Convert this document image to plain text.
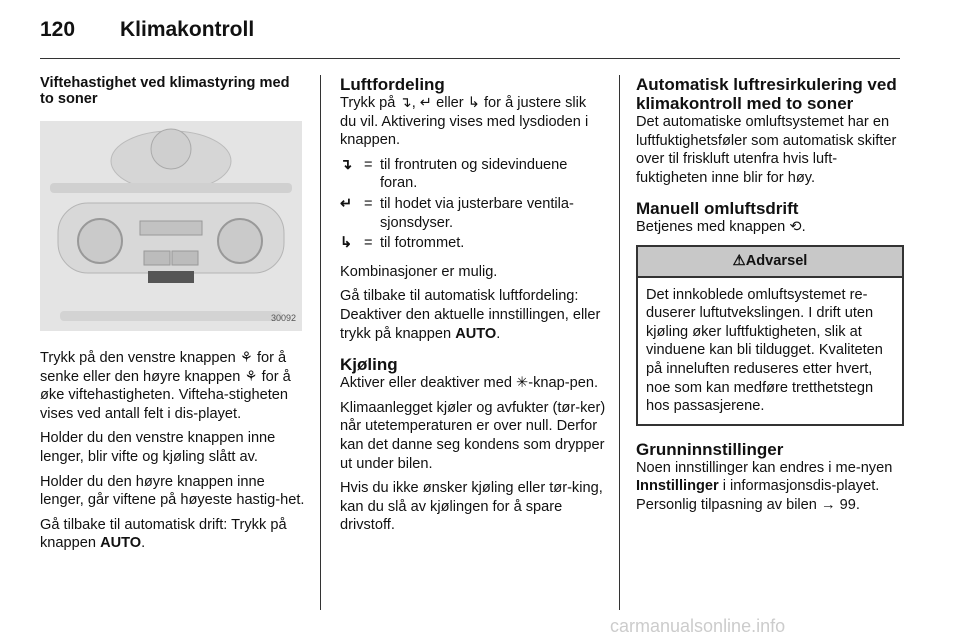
120 Klimakontroll
Viftehastighet ved klimastyring med to soner
30092

Trykk på den venstre knappen ⚘ for å senke eller den høyre knappen ⚘ for å øke viftehastigheten. Vifteha-stigheten vises ved antall felt i dis-playet.

Holder du den venstre knappen inne lenger, blir vifte og kjøling slått av.

Holder du den høyre knappen inne lenger, går viftene på høyeste hastig-het.

Gå tilbake til automatisk drift: Trykk på knappen AUTO.

Luftfordeling

Trykk på ↴, ↵ eller ↳ for å justere slik du vil. Aktivering vises med lysdioden i knappen.

↴ = til frontruten og sidevinduene foran.
↵ = til hodet via justerbare ventila-sjonsdyser.
↳ = til fotrommet.

Kombinasjoner er mulig.

Gå tilbake til automatisk luftfordeling: Deaktiver den aktuelle innstillingen, eller trykk på knappen AUTO.

Kjøling

Aktiver eller deaktiver med ✳-knap-pen.

Klimaanlegget kjøler og avfukter (tør-ker) når utetemperaturen er over null. Derfor kan det danne seg kondens som drypper ut under bilen.

Hvis du ikke ønsker kjøling eller tør-king, kan du slå av kjølingen for å spare drivstoff.

Automatisk luftresirkulering ved klimakontroll med to soner

Det automatiske omluftsystemet har en luftfuktighetsføler som automatisk skifter over til friskluft utenfra hvis luft-fuktigheten inne blir for høy.

Manuell omluftsdrift

Betjenes med knappen ⟲.

⚠Advarsel
Det innkoblede omluftsystemet re-duserer luftutvekslingen. I drift uten kjøling øker luftfuktigheten, slik at vinduene kan bli tildugget. Kvaliteten på inneluften reduseres etter hvert, noe som kan medføre tretthetstegn hos passasjerene.
Grunninnstillinger

Noen innstillinger kan endres i me-nyen Innstillinger i informasjonsdis-playet. Personlig tilpasning av bilen → 99.

carmanualsonline.info
